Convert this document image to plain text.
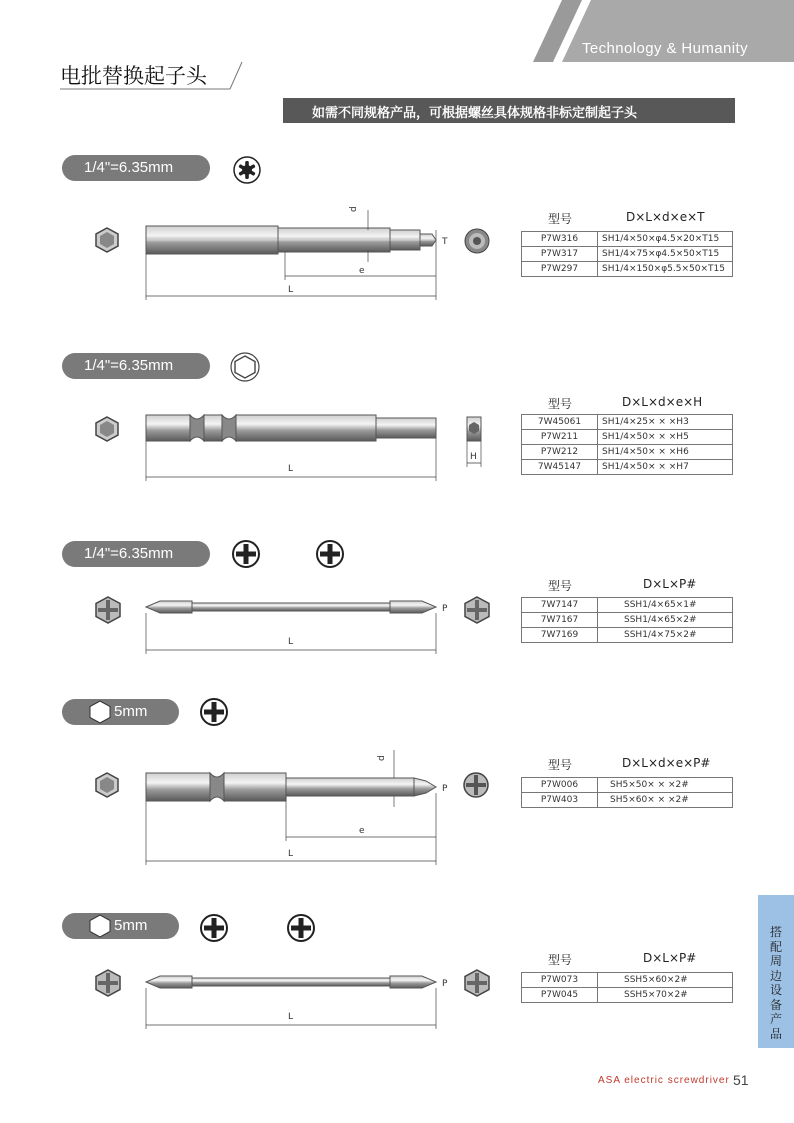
Technology & Humanity
电批替换起子头
如需不同规格产品，可根据螺丝具体规格非标定制起子头
1/4"=6.35mm
d
e
L
T
型号	D×L×d×e×T
P7W316	SH1/4×50×φ4.5×20×T15
P7W317	SH1/4×75×φ4.5×50×T15
P7W297	SH1/4×150×φ5.5×50×T15
1/4"=6.35mm
L
H
型号	D×L×d×e×H
7W45061	SH1/4×25× × ×H3
P7W211	SH1/4×50× × ×H5
P7W212	SH1/4×50× × ×H6
7W45147	SH1/4×50× × ×H7
1/4"=6.35mm
L
P
型号	D×L×P#
7W7147	SSH1/4×65×1#
7W7167	SSH1/4×65×2#
7W7169	SSH1/4×75×2#
5mm
d
e
L
P
型号	D×L×d×e×P#
P7W006	SH5×50× × ×2#
P7W403	SH5×60× × ×2#
5mm
L
P
型号	D×L×P#
P7W073	SSH5×60×2#
P7W045	SSH5×70×2#
搭配周边设备产品
ASA electric screwdriver 51
